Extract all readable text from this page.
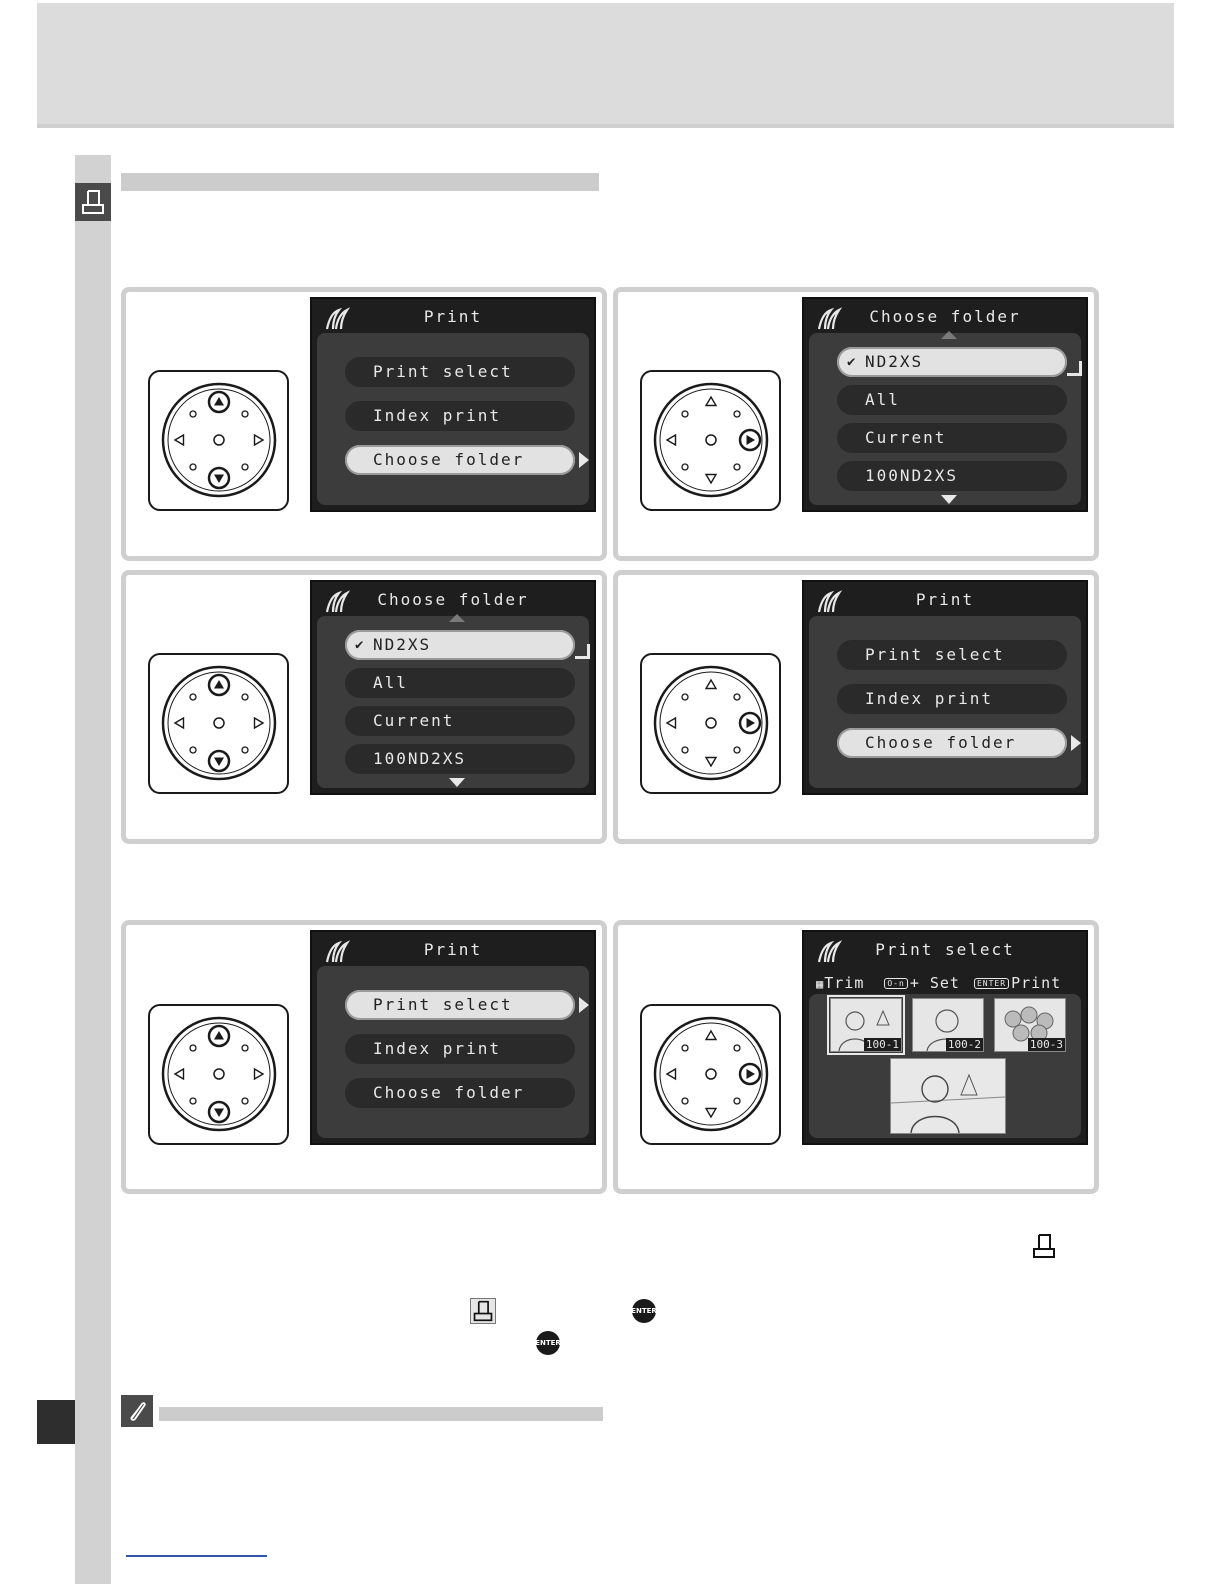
Print
Print select
Index print
Choose folder
Choose folder
✔ ND2XS
All
Current
100ND2XS
Choose folder
✔ ND2XS
All
Current
100ND2XS
Print
Print select
Index print
Choose folder
Print
Print select
Index print
Choose folder
Print select
▦Trim	O-n + Set ENTER Print
100-1	100-2	100-3
ENTER
ENTER
